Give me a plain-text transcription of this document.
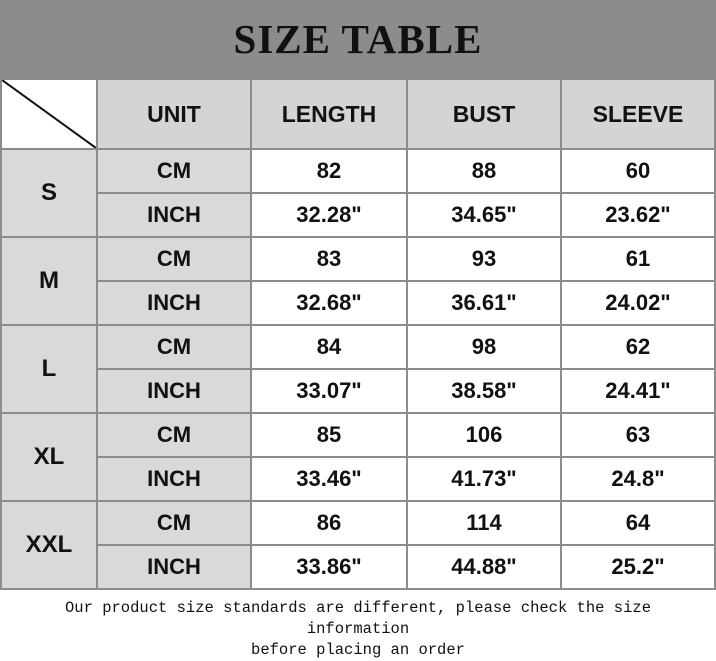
SIZE TABLE
	UNIT	LENGTH	BUST	SLEEVE
S	CM	82	88	60
	INCH	32.28"	34.65"	23.62"
M	CM	83	93	61
	INCH	32.68"	36.61"	24.02"
L	CM	84	98	62
	INCH	33.07"	38.58"	24.41"
XL	CM	85	106	63
	INCH	33.46"	41.73"	24.8"
XXL	CM	86	114	64
	INCH	33.86"	44.88"	25.2"
Our product size standards are different, please check the size information
before placing an order
